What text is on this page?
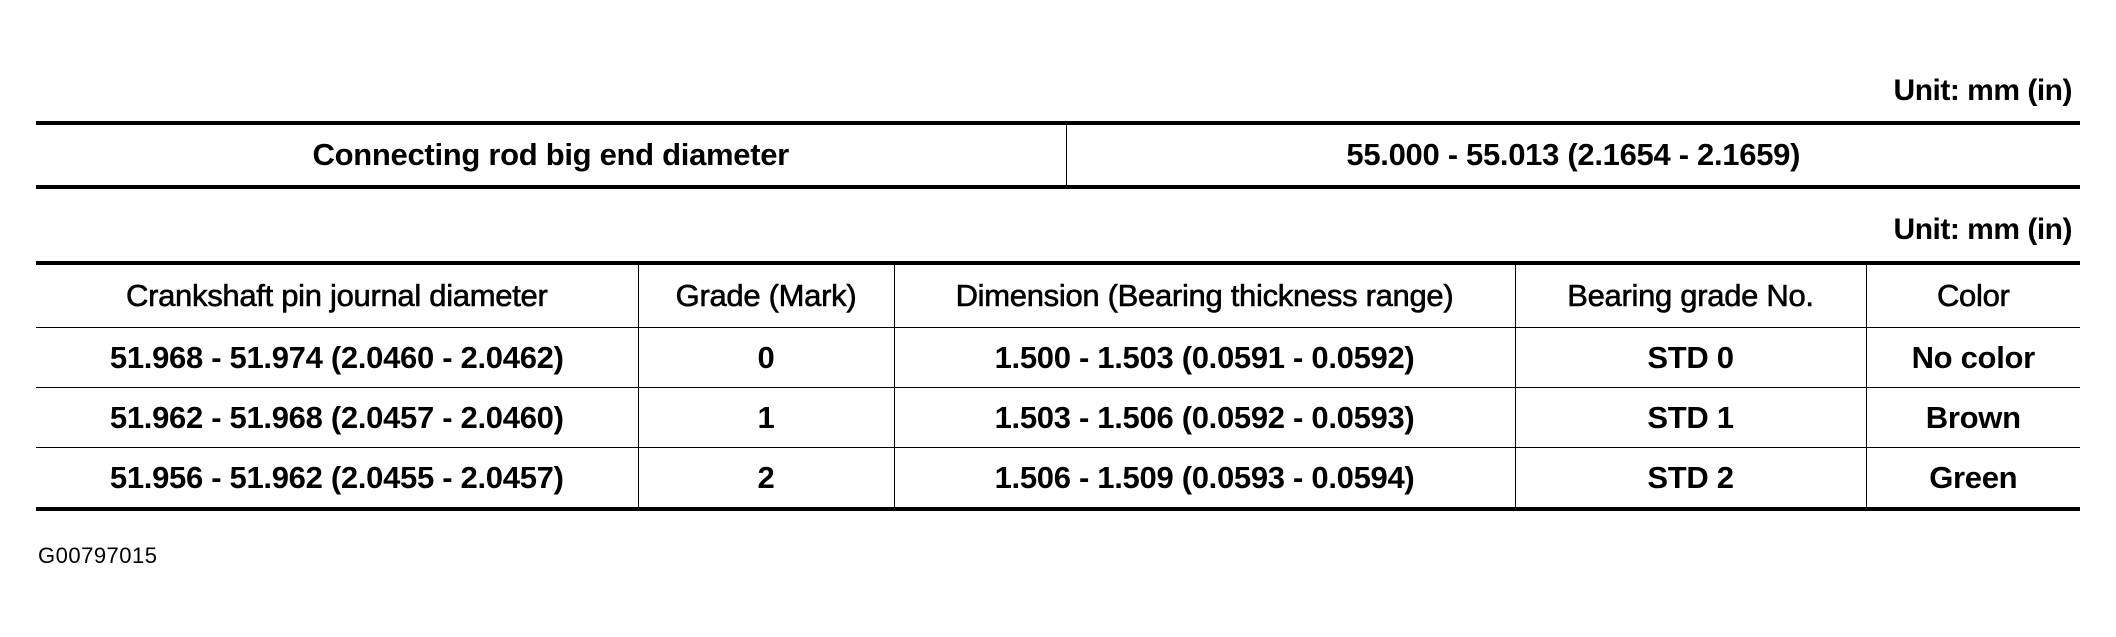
Unit: mm (in)
Connecting rod big end diameter	55.000 - 55.013 (2.1654 - 2.1659)
Unit: mm (in)
Crankshaft pin journal diameter	Grade (Mark)	Dimension (Bearing thickness range)	Bearing grade No.	Color
51.968 - 51.974 (2.0460 - 2.0462)	0	1.500 - 1.503 (0.0591 - 0.0592)	STD 0	No color
51.962 - 51.968 (2.0457 - 2.0460)	1	1.503 - 1.506 (0.0592 - 0.0593)	STD 1	Brown
51.956 - 51.962 (2.0455 - 2.0457)	2	1.506 - 1.509 (0.0593 - 0.0594)	STD 2	Green
G00797015
